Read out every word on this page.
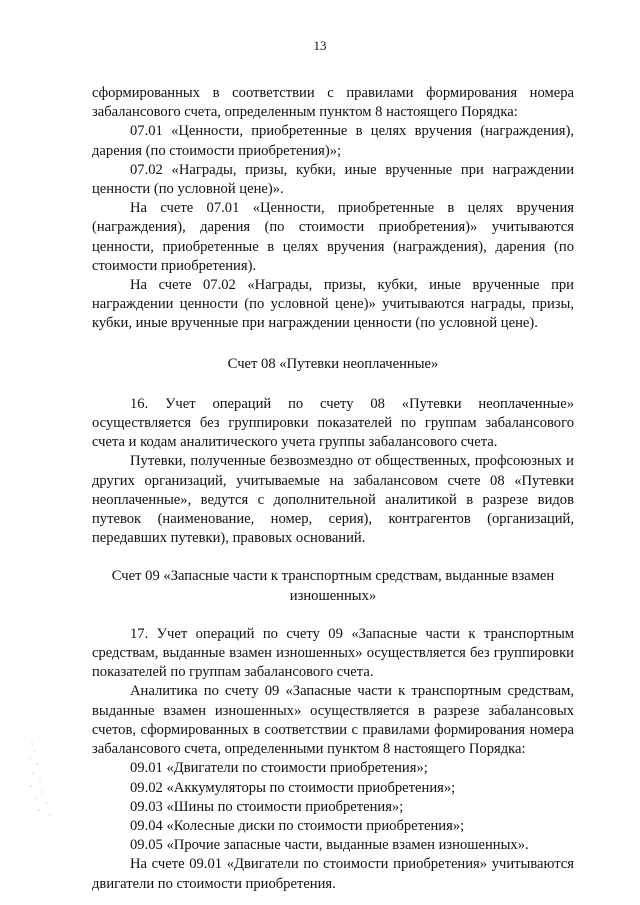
13
сформированных в соответствии с правилами формирования номера забалансового счета, определенным пунктом 8 настоящего Порядка:
07.01 «Ценности, приобретенные в целях вручения (награждения), дарения (по стоимости приобретения)»;
07.02 «Награды, призы, кубки, иные врученные при награждении ценности (по условной цене)».
На счете 07.01 «Ценности, приобретенные в целях вручения (награждения), дарения (по стоимости приобретения)» учитываются ценности, приобретенные в целях вручения (награждения), дарения (по стоимости приобретения).
На счете 07.02 «Награды, призы, кубки, иные врученные при награждении ценности (по условной цене)» учитываются награды, призы, кубки, иные врученные при награждении ценности (по условной цене).
Счет 08 «Путевки неоплаченные»
16. Учет операций по счету 08 «Путевки неоплаченные» осуществляется без группировки показателей по группам забалансового счета и кодам аналитического учета группы забалансового счета.
Путевки, полученные безвозмездно от общественных, профсоюзных и других организаций, учитываемые на забалансовом счете 08 «Путевки неоплаченные», ведутся с дополнительной аналитикой в разрезе видов путевок (наименование, номер, серия), контрагентов (организаций, передавших путевки), правовых оснований.
Счет 09 «Запасные части к транспортным средствам, выданные взамен изношенных»
17. Учет операций по счету 09 «Запасные части к транспортным средствам, выданные взамен изношенных» осуществляется без группировки показателей по группам забалансового счета.
Аналитика по счету 09 «Запасные части к транспортным средствам, выданные взамен изношенных» осуществляется в разрезе забалансовых счетов, сформированных в соответствии с правилами формирования номера забалансового счета, определенными пунктом 8 настоящего Порядка:
09.01 «Двигатели по стоимости приобретения»;
09.02 «Аккумуляторы по стоимости приобретения»;
09.03 «Шины по стоимости приобретения»;
09.04 «Колесные диски по стоимости приобретения»;
09.05 «Прочие запасные части, выданные взамен изношенных».
На счете 09.01 «Двигатели по стоимости приобретения» учитываются двигатели по стоимости приобретения.
